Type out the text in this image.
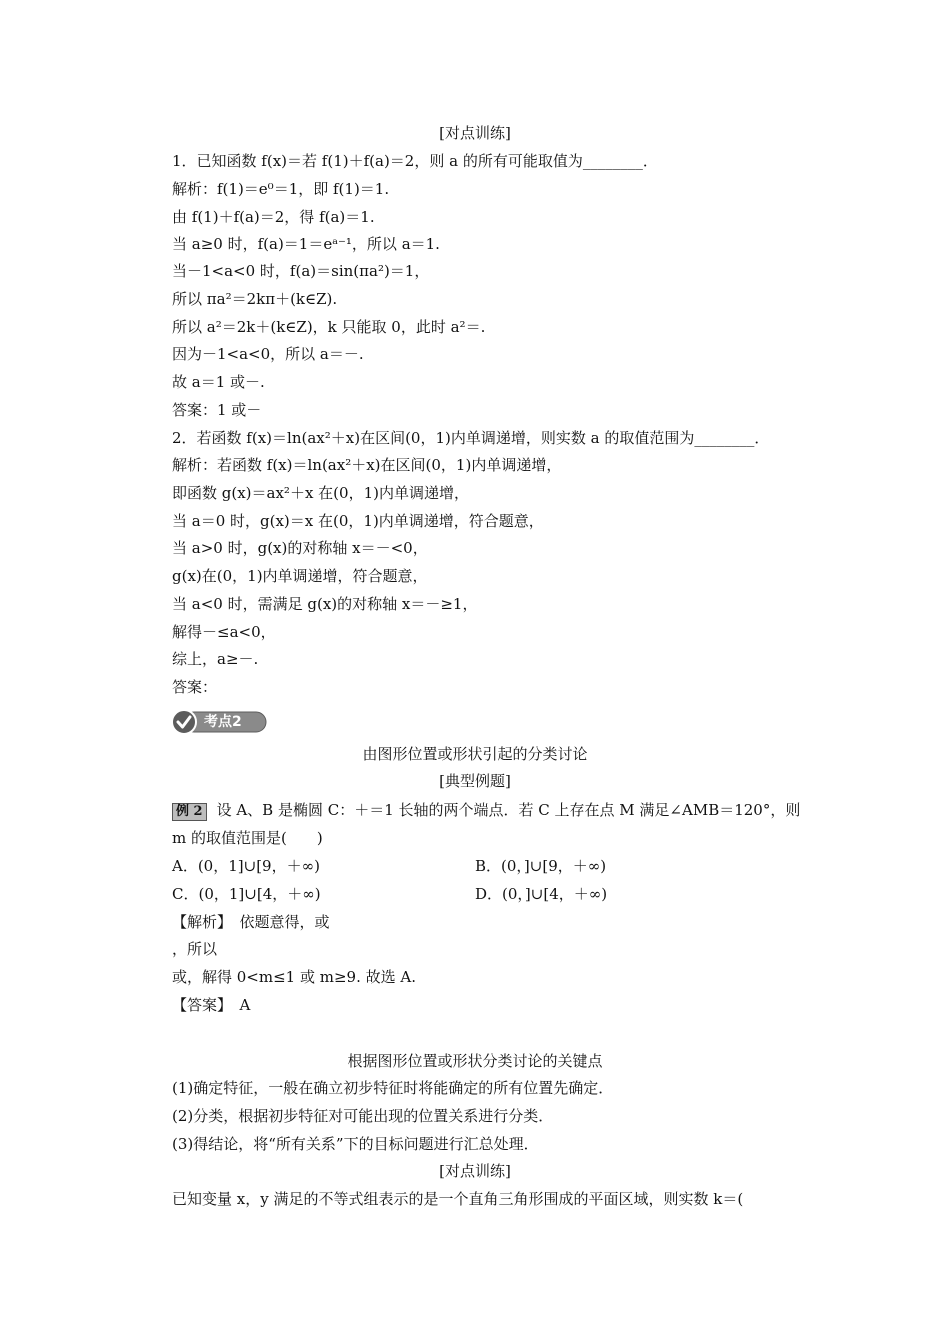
[对点训练]
1．已知函数 f(x)＝若 f(1)＋f(a)＝2，则 a 的所有可能取值为________．
解析：f(1)＝e⁰＝1，即 f(1)＝1.
由 f(1)＋f(a)＝2，得 f(a)＝1.
当 a≥0 时，f(a)＝1＝eᵃ⁻¹，所以 a＝1.
当－1<a<0 时，f(a)＝sin(πa²)＝1，
所以 πa²＝2kπ＋(k∈Z).
所以 a²＝2k＋(k∈Z)，k 只能取 0，此时 a²＝.
因为－1<a<0，所以 a＝－.
故 a＝1 或－.
答案：1 或－
2．若函数 f(x)＝ln(ax²＋x)在区间(0，1)内单调递增，则实数 a 的取值范围为________．
解析：若函数 f(x)＝ln(ax²＋x)在区间(0，1)内单调递增，
即函数 g(x)＝ax²＋x 在(0，1)内单调递增，
当 a＝0 时，g(x)＝x 在(0，1)内单调递增，符合题意，
当 a>0 时，g(x)的对称轴 x＝－<0，
g(x)在(0，1)内单调递增，符合题意，
当 a<0 时，需满足 g(x)的对称轴 x＝－≥1，
解得－≤a<0，
综上，a≥－.
答案：
考点2
由图形位置或形状引起的分类讨论
[典型例题]
例 2 设 A、B 是椭圆 C：＋＝1 长轴的两个端点．若 C 上存在点 M 满足∠AMB＝120°，则
m 的取值范围是(　　)
A．(0，1]∪[9，＋∞)	B．(0，]∪[9，＋∞)
C．(0，1]∪[4，＋∞)	D．(0，]∪[4，＋∞)
【解析】　依题意得，或
，所以
或，解得 0<m≤1 或 m≥9. 故选 A.
【答案】　A
根据图形位置或形状分类讨论的关键点
(1)确定特征，一般在确立初步特征时将能确定的所有位置先确定．
(2)分类，根据初步特征对可能出现的位置关系进行分类．
(3)得结论，将“所有关系”下的目标问题进行汇总处理．
[对点训练]
已知变量 x，y 满足的不等式组表示的是一个直角三角形围成的平面区域，则实数 k＝(
